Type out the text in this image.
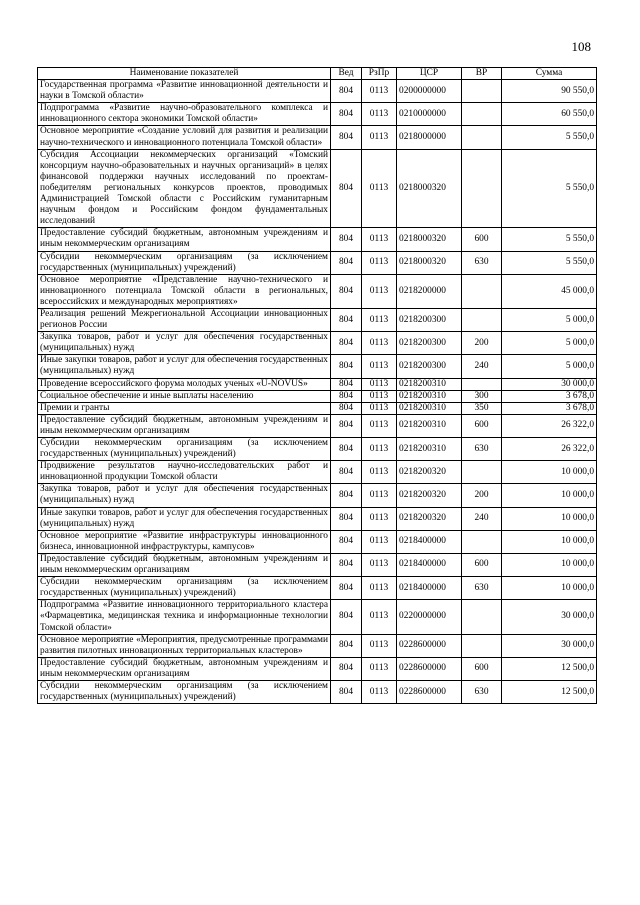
108
Наименование показателей	Вед	РзПр	ЦСР	ВР	Сумма
Государственная программа «Развитие инновационной деятельности и науки в Томской области»	804	0113	0200000000		90 550,0
Подпрограмма «Развитие научно-образовательного комплекса и инновационного сектора экономики Томской области»	804	0113	0210000000		60 550,0
Основное мероприятие «Создание условий для развития и реализации научно-технического и инновационного потенциала Томской области»	804	0113	0218000000		5 550,0
Субсидия Ассоциации некоммерческих организаций «Томский консорциум научно-образовательных и научных организаций» в целях финансовой поддержки научных исследований по проектам-победителям региональных конкурсов проектов, проводимых Администрацией Томской области с Российским гуманитарным научным фондом и Российским фондом фундаментальных исследований	804	0113	0218000320		5 550,0
Предоставление субсидий бюджетным, автономным учреждениям и иным некоммерческим организациям	804	0113	0218000320	600	5 550,0
Субсидии некоммерческим организациям (за исключением государственных (муниципальных) учреждений)	804	0113	0218000320	630	5 550,0
Основное мероприятие «Представление научно-технического и инновационного потенциала Томской области в региональных, всероссийских и международных мероприятиях»	804	0113	0218200000		45 000,0
Реализация решений Межрегиональной Ассоциации инновационных регионов России	804	0113	0218200300		5 000,0
Закупка товаров, работ и услуг для обеспечения государственных (муниципальных) нужд	804	0113	0218200300	200	5 000,0
Иные закупки товаров, работ и услуг для обеспечения государственных (муниципальных) нужд	804	0113	0218200300	240	5 000,0
Проведение всероссийского форума молодых ученых «U-NOVUS»	804	0113	0218200310		30 000,0
Социальное обеспечение и иные выплаты населению	804	0113	0218200310	300	3 678,0
Премии и гранты	804	0113	0218200310	350	3 678,0
Предоставление субсидий бюджетным, автономным учреждениям и иным некоммерческим организациям	804	0113	0218200310	600	26 322,0
Субсидии некоммерческим организациям (за исключением государственных (муниципальных) учреждений)	804	0113	0218200310	630	26 322,0
Продвижение результатов научно-исследовательских работ и инновационной продукции Томской области	804	0113	0218200320		10 000,0
Закупка товаров, работ и услуг для обеспечения государственных (муниципальных) нужд	804	0113	0218200320	200	10 000,0
Иные закупки товаров, работ и услуг для обеспечения государственных (муниципальных) нужд	804	0113	0218200320	240	10 000,0
Основное мероприятие «Развитие инфраструктуры инновационного бизнеса, инновационной инфраструктуры, кампусов»	804	0113	0218400000		10 000,0
Предоставление субсидий бюджетным, автономным учреждениям и иным некоммерческим организациям	804	0113	0218400000	600	10 000,0
Субсидии некоммерческим организациям (за исключением государственных (муниципальных) учреждений)	804	0113	0218400000	630	10 000,0
Подпрограмма «Развитие инновационного территориального кластера «Фармацевтика, медицинская техника и информационные технологии Томской области»	804	0113	0220000000		30 000,0
Основное мероприятие «Мероприятия, предусмотренные программами развития пилотных инновационных территориальных кластеров»	804	0113	0228600000		30 000,0
Предоставление субсидий бюджетным, автономным учреждениям и иным некоммерческим организациям	804	0113	0228600000	600	12 500,0
Субсидии некоммерческим организациям (за исключением государственных (муниципальных) учреждений)	804	0113	0228600000	630	12 500,0
